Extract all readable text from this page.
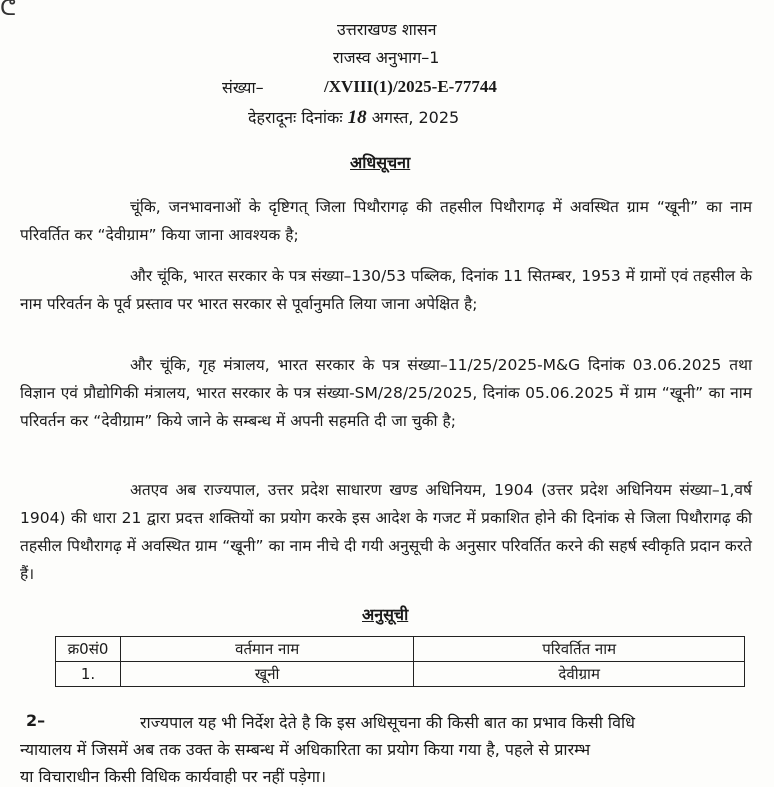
ᕦ
उत्तराखण्ड शासन
राजस्व अनुभाग–1
संख्या–	/XVIII(1)/2025-E-77744
देहरादूनः दिनांकः 18 अगस्त, 2025
अधिसूचना
चूंकि, जनभावनाओं के दृष्टिगत् जिला पिथौरागढ़ की तहसील पिथौरागढ़ में अवस्थित ग्राम “खूनी” का नाम परिवर्तित कर “देवीग्राम” किया जाना आवश्यक है;
और चूंकि, भारत सरकार के पत्र संख्या–130/53 पब्लिक, दिनांक 11 सितम्बर, 1953 में ग्रामों एवं तहसील के नाम परिवर्तन के पूर्व प्रस्ताव पर भारत सरकार से पूर्वानुमति लिया जाना अपेक्षित है;
और चूंकि, गृह मंत्रालय, भारत सरकार के पत्र संख्या–11/25/2025-M&G दिनांक 03.06.2025 तथा विज्ञान एवं प्रौद्योगिकी मंत्रालय, भारत सरकार के पत्र संख्या-SM/28/25/2025, दिनांक 05.06.2025 में ग्राम “खूनी” का नाम परिवर्तन कर “देवीग्राम” किये जाने के सम्बन्ध में अपनी सहमति दी जा चुकी है;
अतएव अब राज्यपाल, उत्तर प्रदेश साधारण खण्ड अधिनियम, 1904 (उत्तर प्रदेश अधिनियम संख्या–1,वर्ष 1904) की धारा 21 द्वारा प्रदत्त शक्तियों का प्रयोग करके इस आदेश के गजट में प्रकाशित होने की दिनांक से जिला पिथौरागढ़ की तहसील पिथौरागढ़ में अवस्थित ग्राम “खूनी” का नाम नीचे दी गयी अनुसूची के अनुसार परिवर्तित करने की सहर्ष स्वीकृति प्रदान करते हैं।
अनुसूची
क्र0सं0	वर्तमान नाम	परिवर्तित नाम
1.	खूनी	देवीग्राम
2–	राज्यपाल यह भी निर्देश देते है कि इस अधिसूचना की किसी बात का प्रभाव किसी विधि
न्यायालय में जिसमें अब तक उक्त के सम्बन्ध में अधिकारिता का प्रयोग किया गया है, पहले से प्रारम्भ
या विचाराधीन किसी विधिक कार्यवाही पर नहीं पड़ेगा।
